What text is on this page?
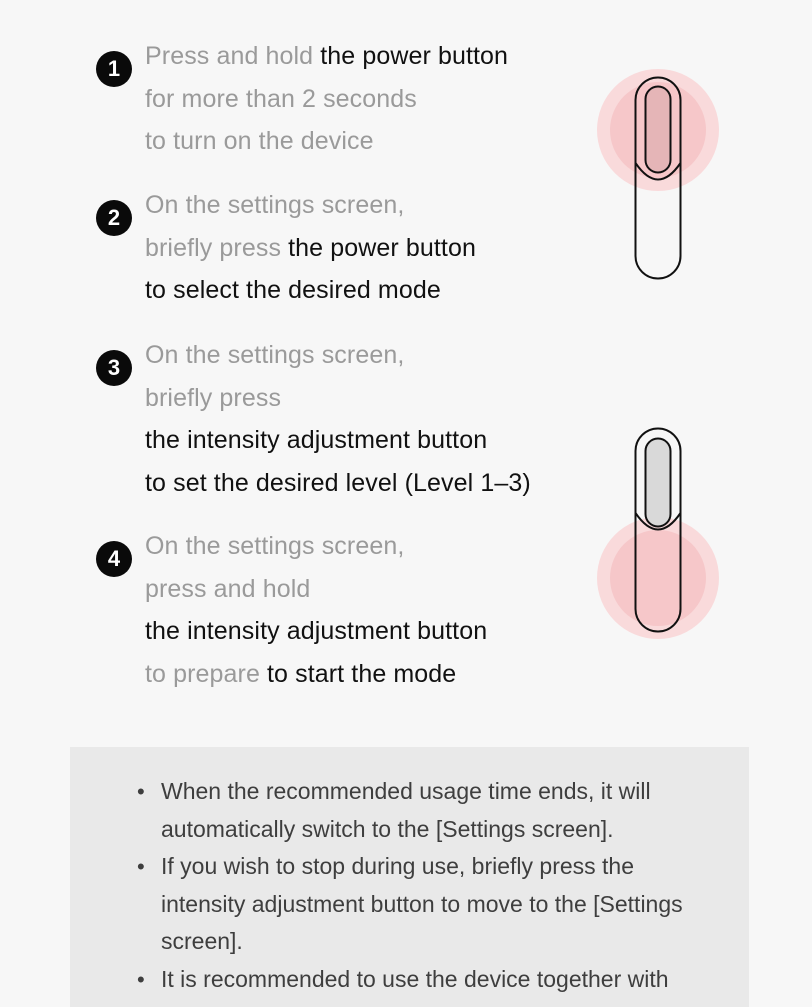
1 Press and hold the power button
for more than 2 seconds
to turn on the device
2 On the settings screen,
briefly press the power button
to select the desired mode
3 On the settings screen,
briefly press
the intensity adjustment button
to set the desired level (Level 1–3)
4 On the settings screen,
press and hold
the intensity adjustment button
to prepare to start the mode
• When the recommended usage time ends, it will automatically switch to the [Settings screen].
• If you wish to stop during use, briefly press the intensity adjustment button to move to the [Settings screen].
• It is recommended to use the device together with
